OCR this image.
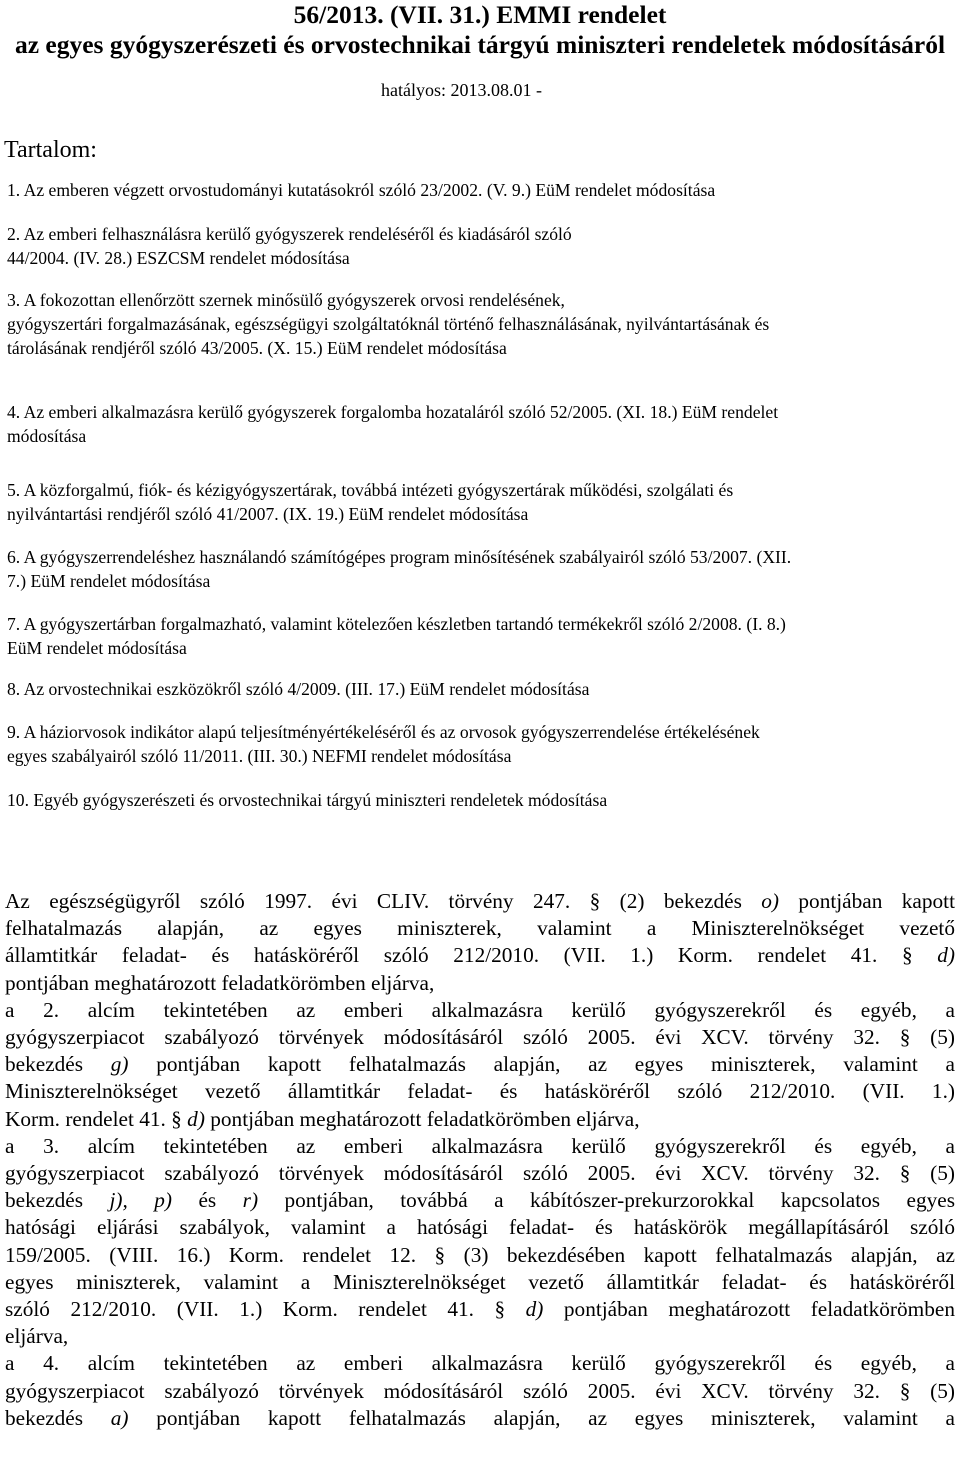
56/2013. (VII. 31.) EMMI rendelet
az egyes gyógyszerészeti és orvostechnikai tárgyú miniszteri rendeletek módosításáról
hatályos: 2013.08.01 -
Tartalom:
1. Az emberen végzett orvostudományi kutatásokról szóló 23/2002. (V. 9.) EüM rendelet módosítása
2. Az emberi felhasználásra kerülő gyógyszerek rendeléséről és kiadásáról szóló
44/2004. (IV. 28.) ESZCSM rendelet módosítása
3. A fokozottan ellenőrzött szernek minősülő gyógyszerek orvosi rendelésének,
gyógyszertári forgalmazásának, egészségügyi szolgáltatóknál történő felhasználásának, nyilvántartásának és
tárolásának rendjéről szóló 43/2005. (X. 15.) EüM rendelet módosítása
4. Az emberi alkalmazásra kerülő gyógyszerek forgalomba hozataláról szóló 52/2005. (XI. 18.) EüM rendelet
módosítása
5. A közforgalmú, fiók- és kézigyógyszertárak, továbbá intézeti gyógyszertárak működési, szolgálati és
nyilvántartási rendjéről szóló 41/2007. (IX. 19.) EüM rendelet módosítása
6. A gyógyszerrendeléshez használandó számítógépes program minősítésének szabályairól szóló 53/2007. (XII.
7.) EüM rendelet módosítása
7. A gyógyszertárban forgalmazható, valamint kötelezően készletben tartandó termékekről szóló 2/2008. (I. 8.)
EüM rendelet módosítása
8. Az orvostechnikai eszközökről szóló 4/2009. (III. 17.) EüM rendelet módosítása
9. A háziorvosok indikátor alapú teljesítményértékeléséről és az orvosok gyógyszerrendelése értékelésének
egyes szabályairól szóló 11/2011. (III. 30.) NEFMI rendelet módosítása
10. Egyéb gyógyszerészeti és orvostechnikai tárgyú miniszteri rendeletek módosítása
Az egészségügyről szóló 1997. évi CLIV. törvény 247. § (2) bekezdés o) pontjában kapott
felhatalmazás alapján, az egyes miniszterek, valamint a Miniszterelnökséget vezető
államtitkár feladat- és hatásköréről szóló 212/2010. (VII. 1.) Korm. rendelet 41. § d)
pontjában meghatározott feladatkörömben eljárva,
a 2. alcím tekintetében az emberi alkalmazásra kerülő gyógyszerekről és egyéb, a
gyógyszerpiacot szabályozó törvények módosításáról szóló 2005. évi XCV. törvény 32. § (5)
bekezdés g) pontjában kapott felhatalmazás alapján, az egyes miniszterek, valamint a
Miniszterelnökséget vezető államtitkár feladat- és hatásköréről szóló 212/2010. (VII. 1.)
Korm. rendelet 41. § d) pontjában meghatározott feladatkörömben eljárva,
a 3. alcím tekintetében az emberi alkalmazásra kerülő gyógyszerekről és egyéb, a
gyógyszerpiacot szabályozó törvények módosításáról szóló 2005. évi XCV. törvény 32. § (5)
bekezdés j), p) és r) pontjában, továbbá a kábítószer-prekurzorokkal kapcsolatos egyes
hatósági eljárási szabályok, valamint a hatósági feladat- és hatáskörök megállapításáról szóló
159/2005. (VIII. 16.) Korm. rendelet 12. § (3) bekezdésében kapott felhatalmazás alapján, az
egyes miniszterek, valamint a Miniszterelnökséget vezető államtitkár feladat- és hatásköréről
szóló 212/2010. (VII. 1.) Korm. rendelet 41. § d) pontjában meghatározott feladatkörömben
eljárva,
a 4. alcím tekintetében az emberi alkalmazásra kerülő gyógyszerekről és egyéb, a
gyógyszerpiacot szabályozó törvények módosításáról szóló 2005. évi XCV. törvény 32. § (5)
bekezdés a) pontjában kapott felhatalmazás alapján, az egyes miniszterek, valamint a
